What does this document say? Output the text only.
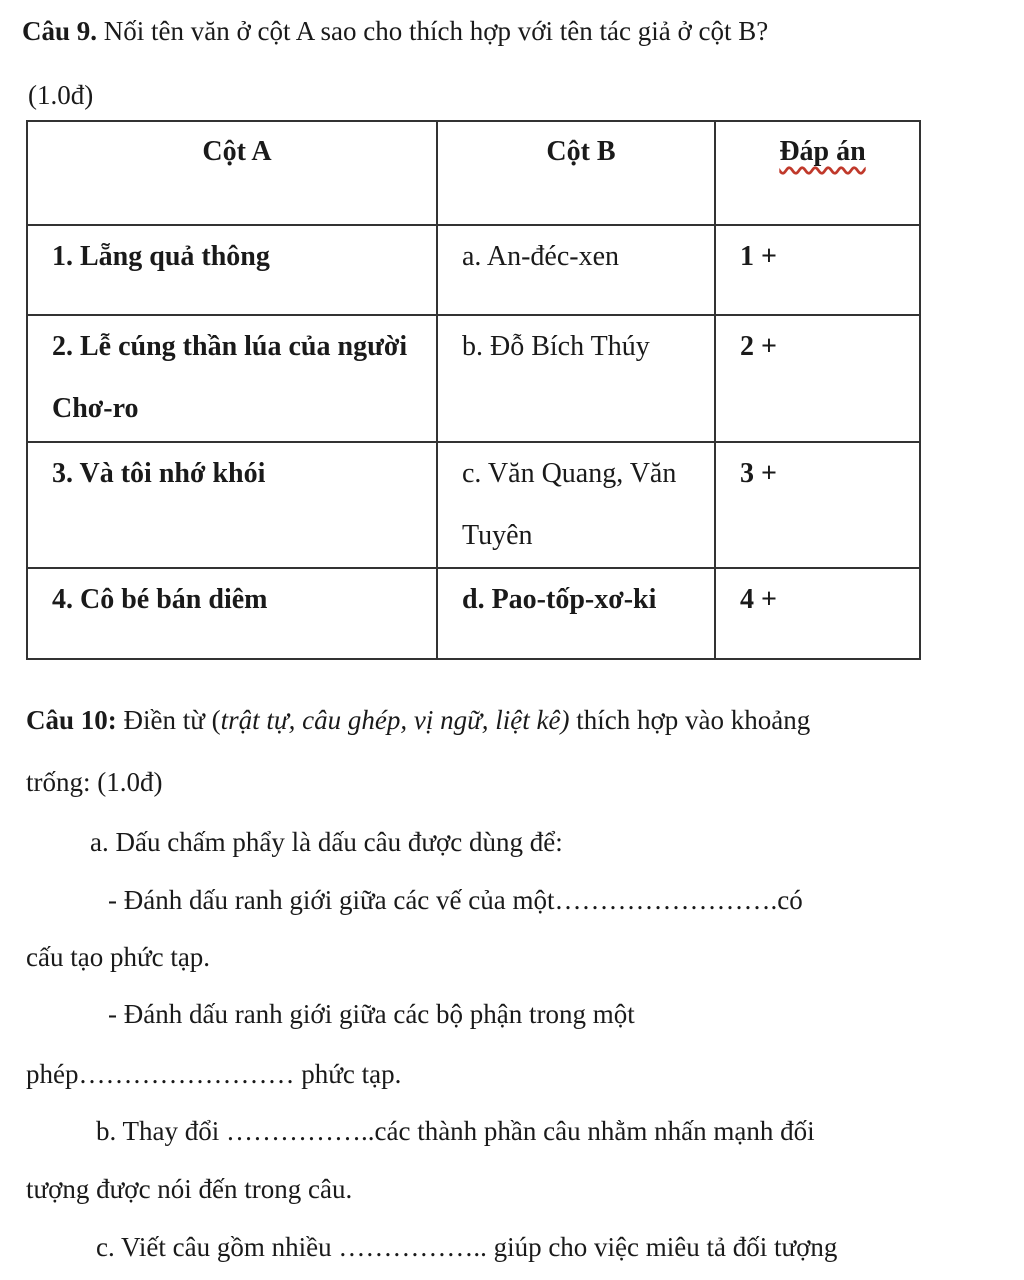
Câu 9. Nối tên văn ở cột A sao cho thích hợp với tên tác giả ở cột B?
(1.0đ)
Cột A	Cột B	Đáp án
1. Lẵng quả thông	a. An-đéc-xen	1 +
2. Lễ cúng thần lúa của người Chơ-ro	b. Đỗ Bích Thúy	2 +
3. Và tôi nhớ khói	c. Văn Quang, Văn Tuyên	3 +
4. Cô bé bán diêm	d. Pao-tốp-xơ-ki	4 +
Câu 10: Điền từ (trật tự, câu ghép, vị ngữ, liệt kê) thích hợp vào khoảng
trống: (1.0đ)
a. Dấu chấm phẩy là dấu câu được dùng để:
- Đánh dấu ranh giới giữa các vế của một…………………….có
cấu tạo phức tạp.
- Đánh dấu ranh giới giữa các bộ phận trong một
phép…………………… phức tạp.
b. Thay đổi ……………..các thành phần câu nhằm nhấn mạnh đối
tượng được nói đến trong câu.
c. Viết câu gồm nhiều …………….. giúp cho việc miêu tả đối tượng
